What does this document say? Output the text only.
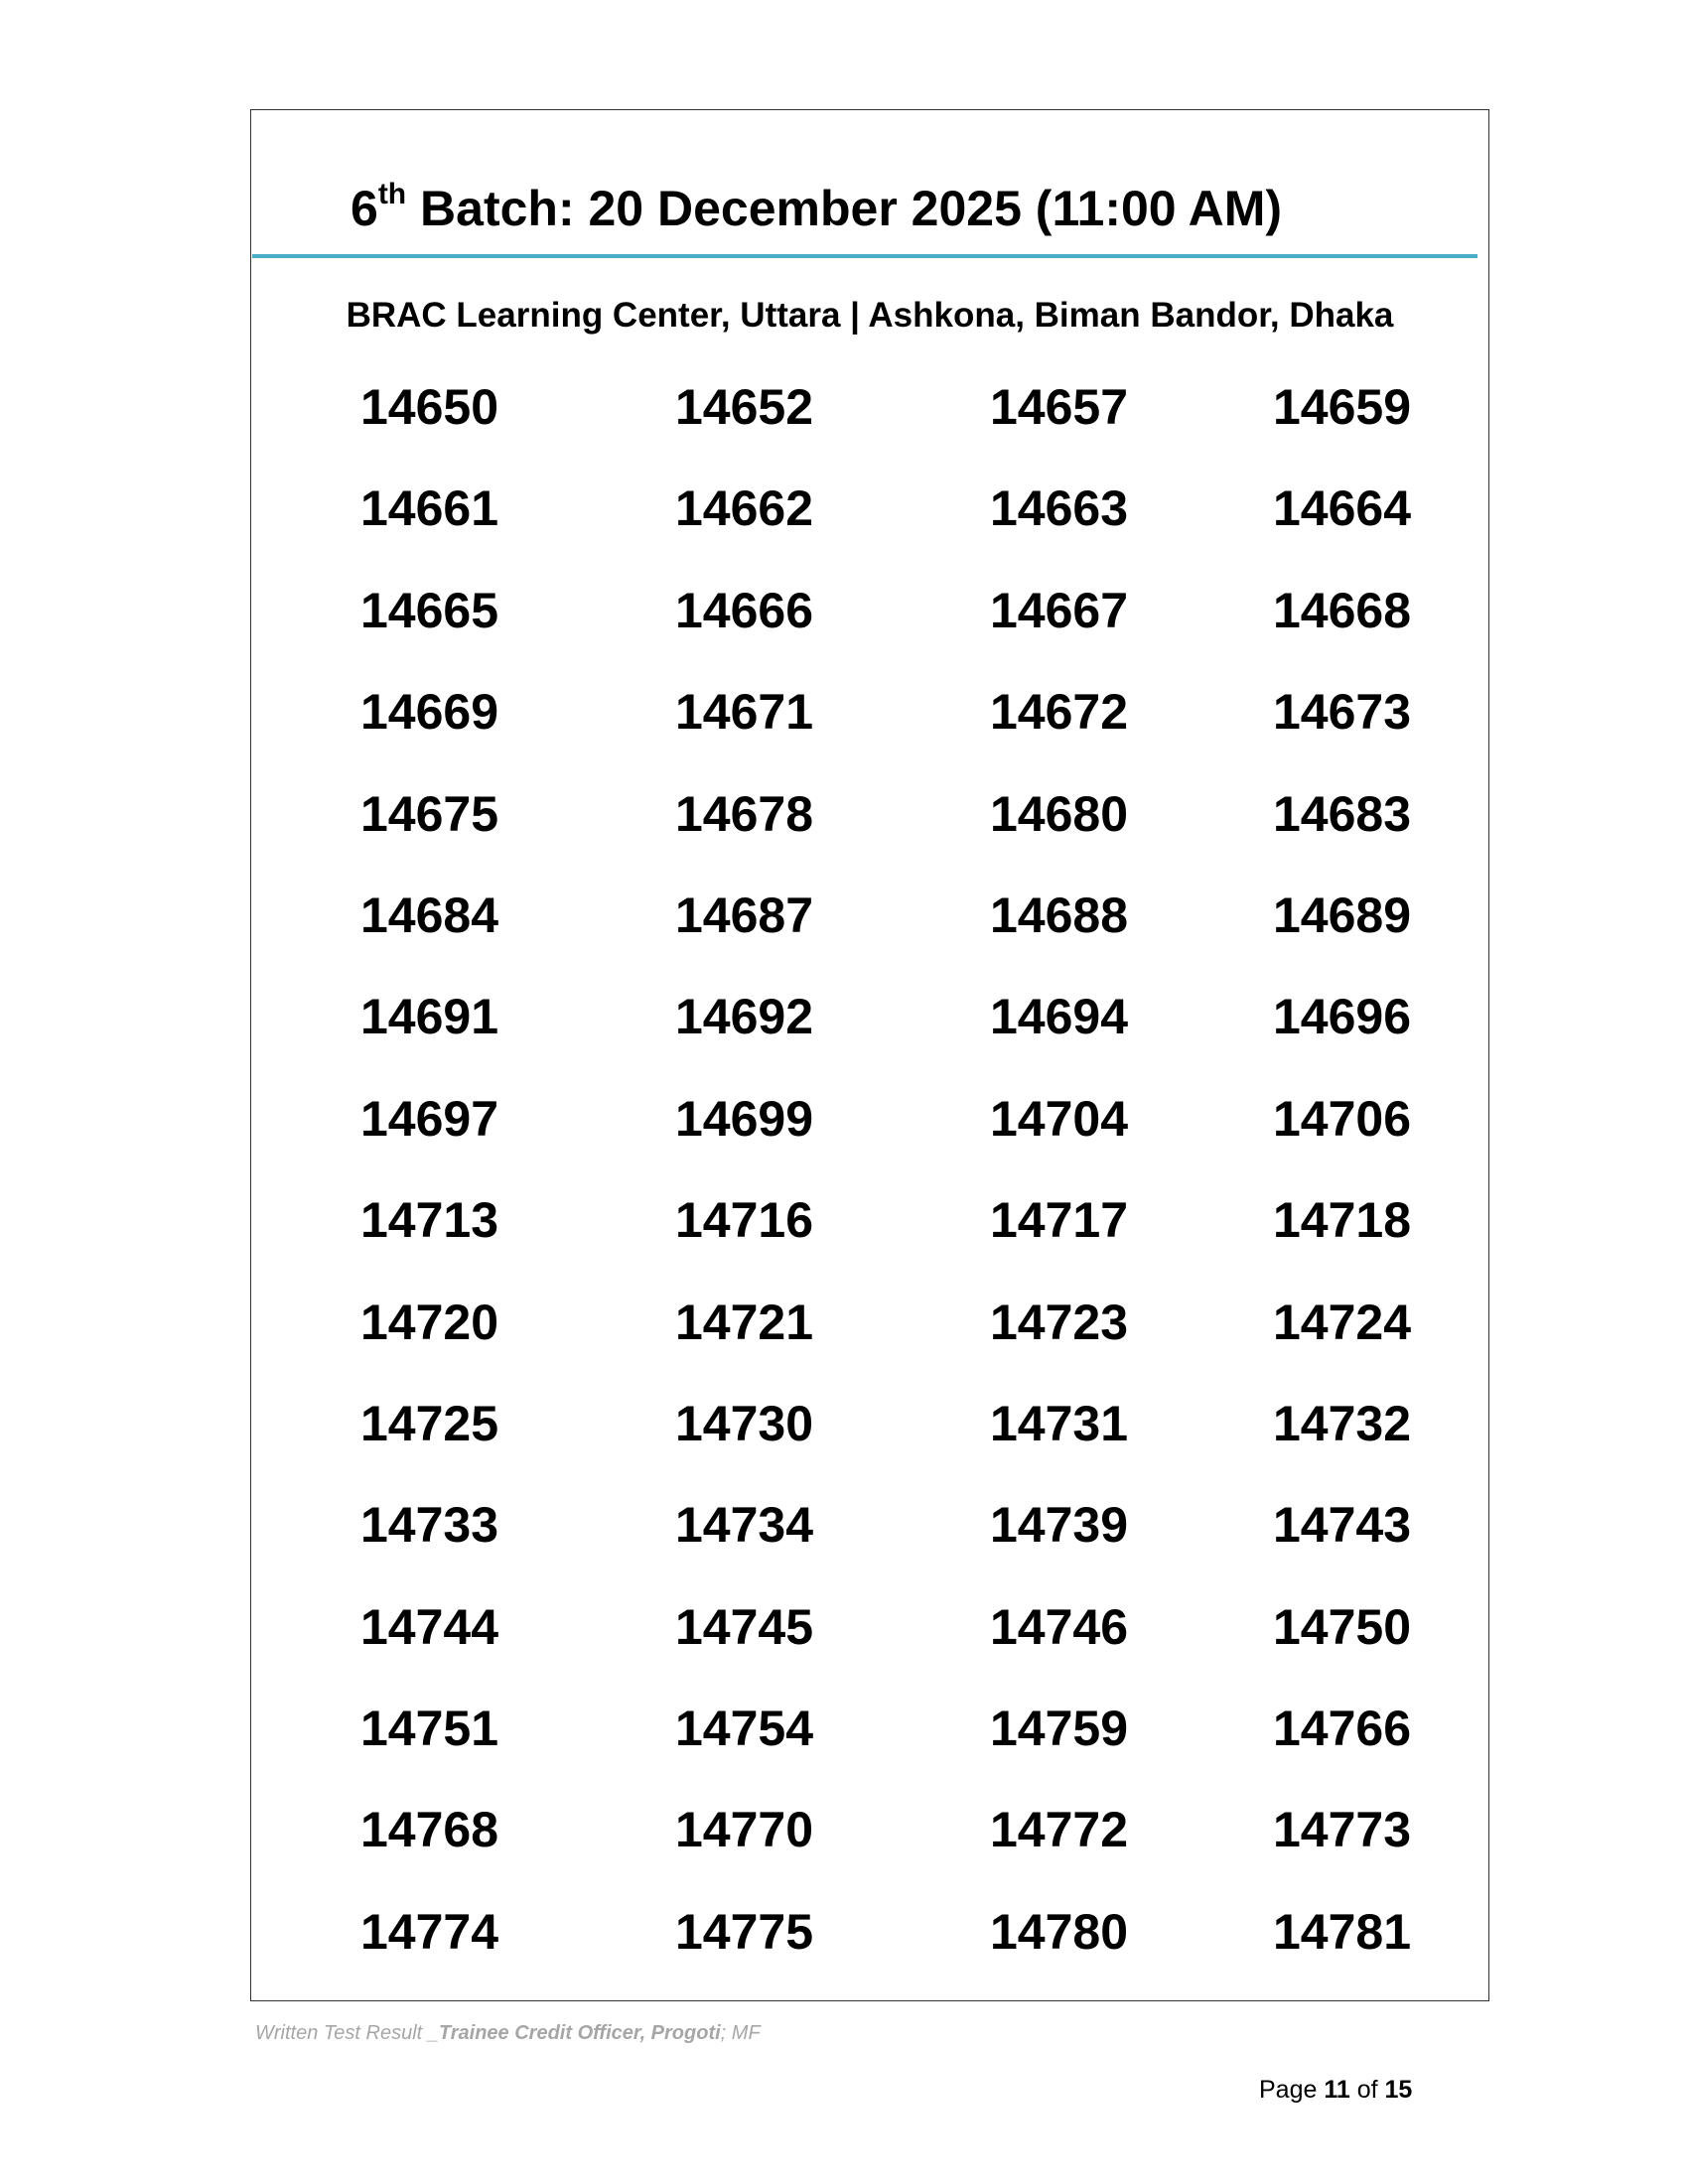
6th Batch: 20 December 2025 (11:00 AM)
BRAC Learning Center, Uttara | Ashkona, Biman Bandor, Dhaka
14650	14652	14657	14659
14661	14662	14663	14664
14665	14666	14667	14668
14669	14671	14672	14673
14675	14678	14680	14683
14684	14687	14688	14689
14691	14692	14694	14696
14697	14699	14704	14706
14713	14716	14717	14718
14720	14721	14723	14724
14725	14730	14731	14732
14733	14734	14739	14743
14744	14745	14746	14750
14751	14754	14759	14766
14768	14770	14772	14773
14774	14775	14780	14781
Written Test Result _Trainee Credit Officer, Progoti; MF
Page 11 of 15
